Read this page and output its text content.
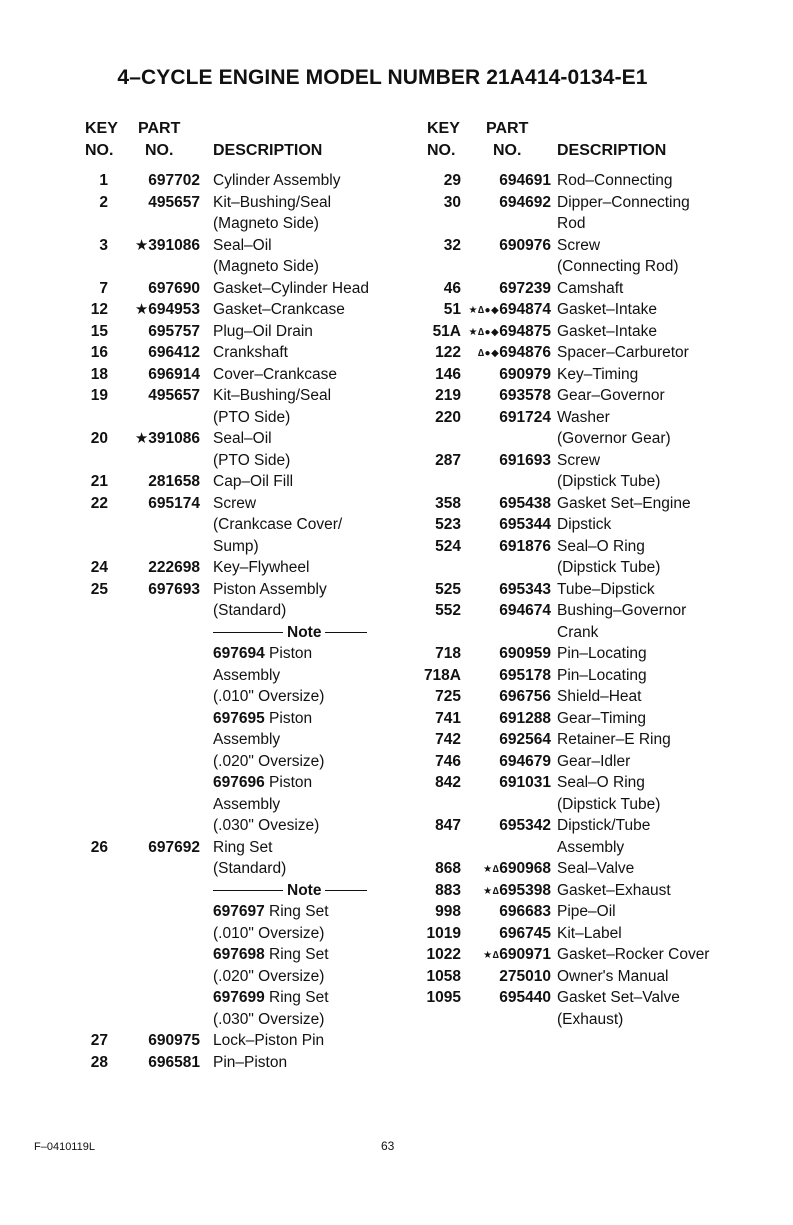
4–CYCLE ENGINE MODEL NUMBER 21A414-0134-E1
KEY
NO.
PART
NO.	DESCRIPTION
KEY
NO.
PART
NO.	DESCRIPTION
1	697702 Cylinder Assembly
2	495657 Kit–Bushing/Seal
(Magneto Side)
3	★391086 Seal–Oil
(Magneto Side)
7	697690 Gasket–Cylinder Head
12	★694953 Gasket–Crankcase
15	695757 Plug–Oil Drain
16	696412 Crankshaft
18	696914 Cover–Crankcase
19	495657 Kit–Bushing/Seal
(PTO Side)
20	★391086 Seal–Oil
(PTO Side)
21	281658 Cap–Oil Fill
22	695174 Screw
(Crankcase Cover/
Sump)
24	222698 Key–Flywheel
25	697693 Piston Assembly
(Standard)
Note
697694 Piston
Assembly
(.010" Oversize)
697695 Piston
Assembly
(.020" Oversize)
697696 Piston
Assembly
(.030" Ovesize)
26	697692 Ring Set
(Standard)
Note
697697 Ring Set
(.010" Oversize)
697698 Ring Set
(.020" Oversize)
697699 Ring Set
(.030" Oversize)
27	690975 Lock–Piston Pin
28	696581 Pin–Piston
29	694691 Rod–Connecting
30	694692 Dipper–Connecting
Rod
32	690976 Screw
(Connecting Rod)
46	697239 Camshaft
51 ★∆●◆694874 Gasket–Intake
51A ★∆●◆694875 Gasket–Intake
122	∆●◆694876 Spacer–Carburetor
146	690979 Key–Timing
219	693578 Gear–Governor
220	691724 Washer
(Governor Gear)
287	691693 Screw
(Dipstick Tube)
358	695438 Gasket Set–Engine
523	695344 Dipstick
524	691876 Seal–O Ring
(Dipstick Tube)
525	695343 Tube–Dipstick
552	694674 Bushing–Governor
Crank
718	690959 Pin–Locating
718A	695178 Pin–Locating
725	696756 Shield–Heat
741	691288 Gear–Timing
742	692564 Retainer–E Ring
746	694679 Gear–Idler
842	691031 Seal–O Ring
(Dipstick Tube)
847	695342 Dipstick/Tube
Assembly
868	★∆690968 Seal–Valve
883	★∆695398 Gasket–Exhaust
998	696683 Pipe–Oil
1019	696745 Kit–Label
1022	★∆690971 Gasket–Rocker Cover
1058	275010 Owner's Manual
1095	695440 Gasket Set–Valve
(Exhaust)
F–0410119L	63
